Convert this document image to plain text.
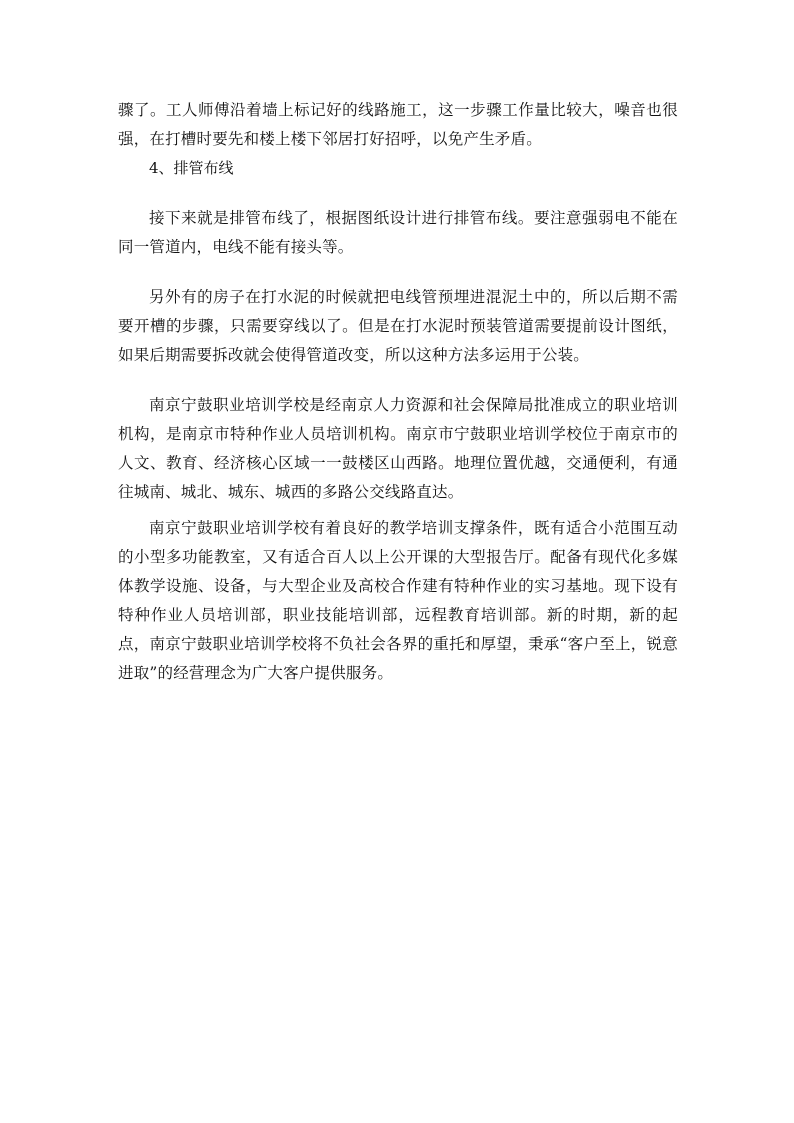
骤了。工人师傅沿着墙上标记好的线路施工，这一步骤工作量比较大，噪音也很强，在打槽时要先和楼上楼下邻居打好招呼，以免产生矛盾。

4、排管布线

接下来就是排管布线了，根据图纸设计进行排管布线。要注意强弱电不能在同一管道内，电线不能有接头等。

另外有的房子在打水泥的时候就把电线管预埋进混泥土中的，所以后期不需要开槽的步骤，只需要穿线以了。但是在打水泥时预装管道需要提前设计图纸，如果后期需要拆改就会使得管道改变，所以这种方法多运用于公装。

南京宁鼓职业培训学校是经南京人力资源和社会保障局批准成立的职业培训机构，是南京市特种作业人员培训机构。南京市宁鼓职业培训学校位于南京市的人文、教育、经济核心区域一一鼓楼区山西路。地理位置优越，交通便利，有通往城南、城北、城东、城西的多路公交线路直达。

南京宁鼓职业培训学校有着良好的教学培训支撑条件，既有适合小范围互动的小型多功能教室，又有适合百人以上公开课的大型报告厅。配备有现代化多媒体教学设施、设备，与大型企业及高校合作建有特种作业的实习基地。现下设有特种作业人员培训部，职业技能培训部，远程教育培训部。新的时期，新的起点，南京宁鼓职业培训学校将不负社会各界的重托和厚望，秉承“客户至上，锐意进取”的经营理念为广大客户提供服务。
